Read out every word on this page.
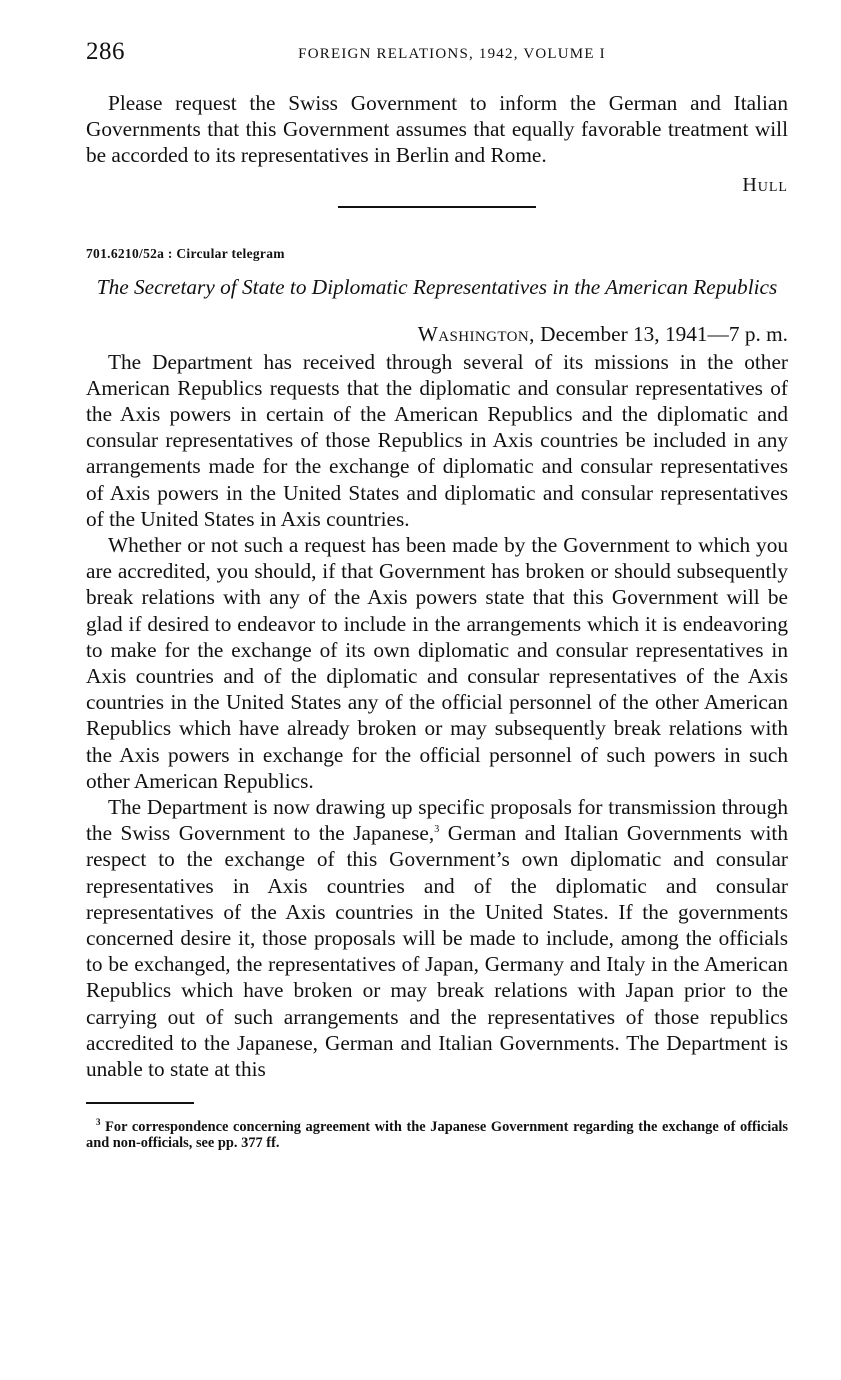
286	FOREIGN RELATIONS, 1942, VOLUME I

Please request the Swiss Government to inform the German and Italian Governments that this Government assumes that equally favorable treatment will be accorded to its representatives in Berlin and Rome.

Hull
701.6210/52a : Circular telegram
The Secretary of State to Diplomatic Representatives in the American Republics
Washington, December 13, 1941—7 p. m.

The Department has received through several of its missions in the other American Republics requests that the diplomatic and consular representatives of the Axis powers in certain of the American Republics and the diplomatic and consular representatives of those Republics in Axis countries be included in any arrangements made for the exchange of diplomatic and consular representatives of Axis powers in the United States and diplomatic and consular representatives of the United States in Axis countries.

Whether or not such a request has been made by the Government to which you are accredited, you should, if that Government has broken or should subsequently break relations with any of the Axis powers state that this Government will be glad if desired to endeavor to include in the arrangements which it is endeavoring to make for the exchange of its own diplomatic and consular representatives in Axis countries and of the diplomatic and consular representatives of the Axis countries in the United States any of the official personnel of the other American Republics which have already broken or may subsequently break relations with the Axis powers in exchange for the official personnel of such powers in such other American Republics.

The Department is now drawing up specific proposals for transmission through the Swiss Government to the Japanese,$^3$ German and Italian Governments with respect to the exchange of this Government’s own diplomatic and consular representatives in Axis countries and of the diplomatic and consular representatives of the Axis countries in the United States. If the governments concerned desire it, those proposals will be made to include, among the officials to be exchanged, the representatives of Japan, Germany and Italy in the American Republics which have broken or may break relations with Japan prior to the carrying out of such arrangements and the representatives of those republics accredited to the Japanese, German and Italian Governments. The Department is unable to state at this

$^3$ For correspondence concerning agreement with the Japanese Government regarding the exchange of officials and non-officials, see pp. 377 ff.
